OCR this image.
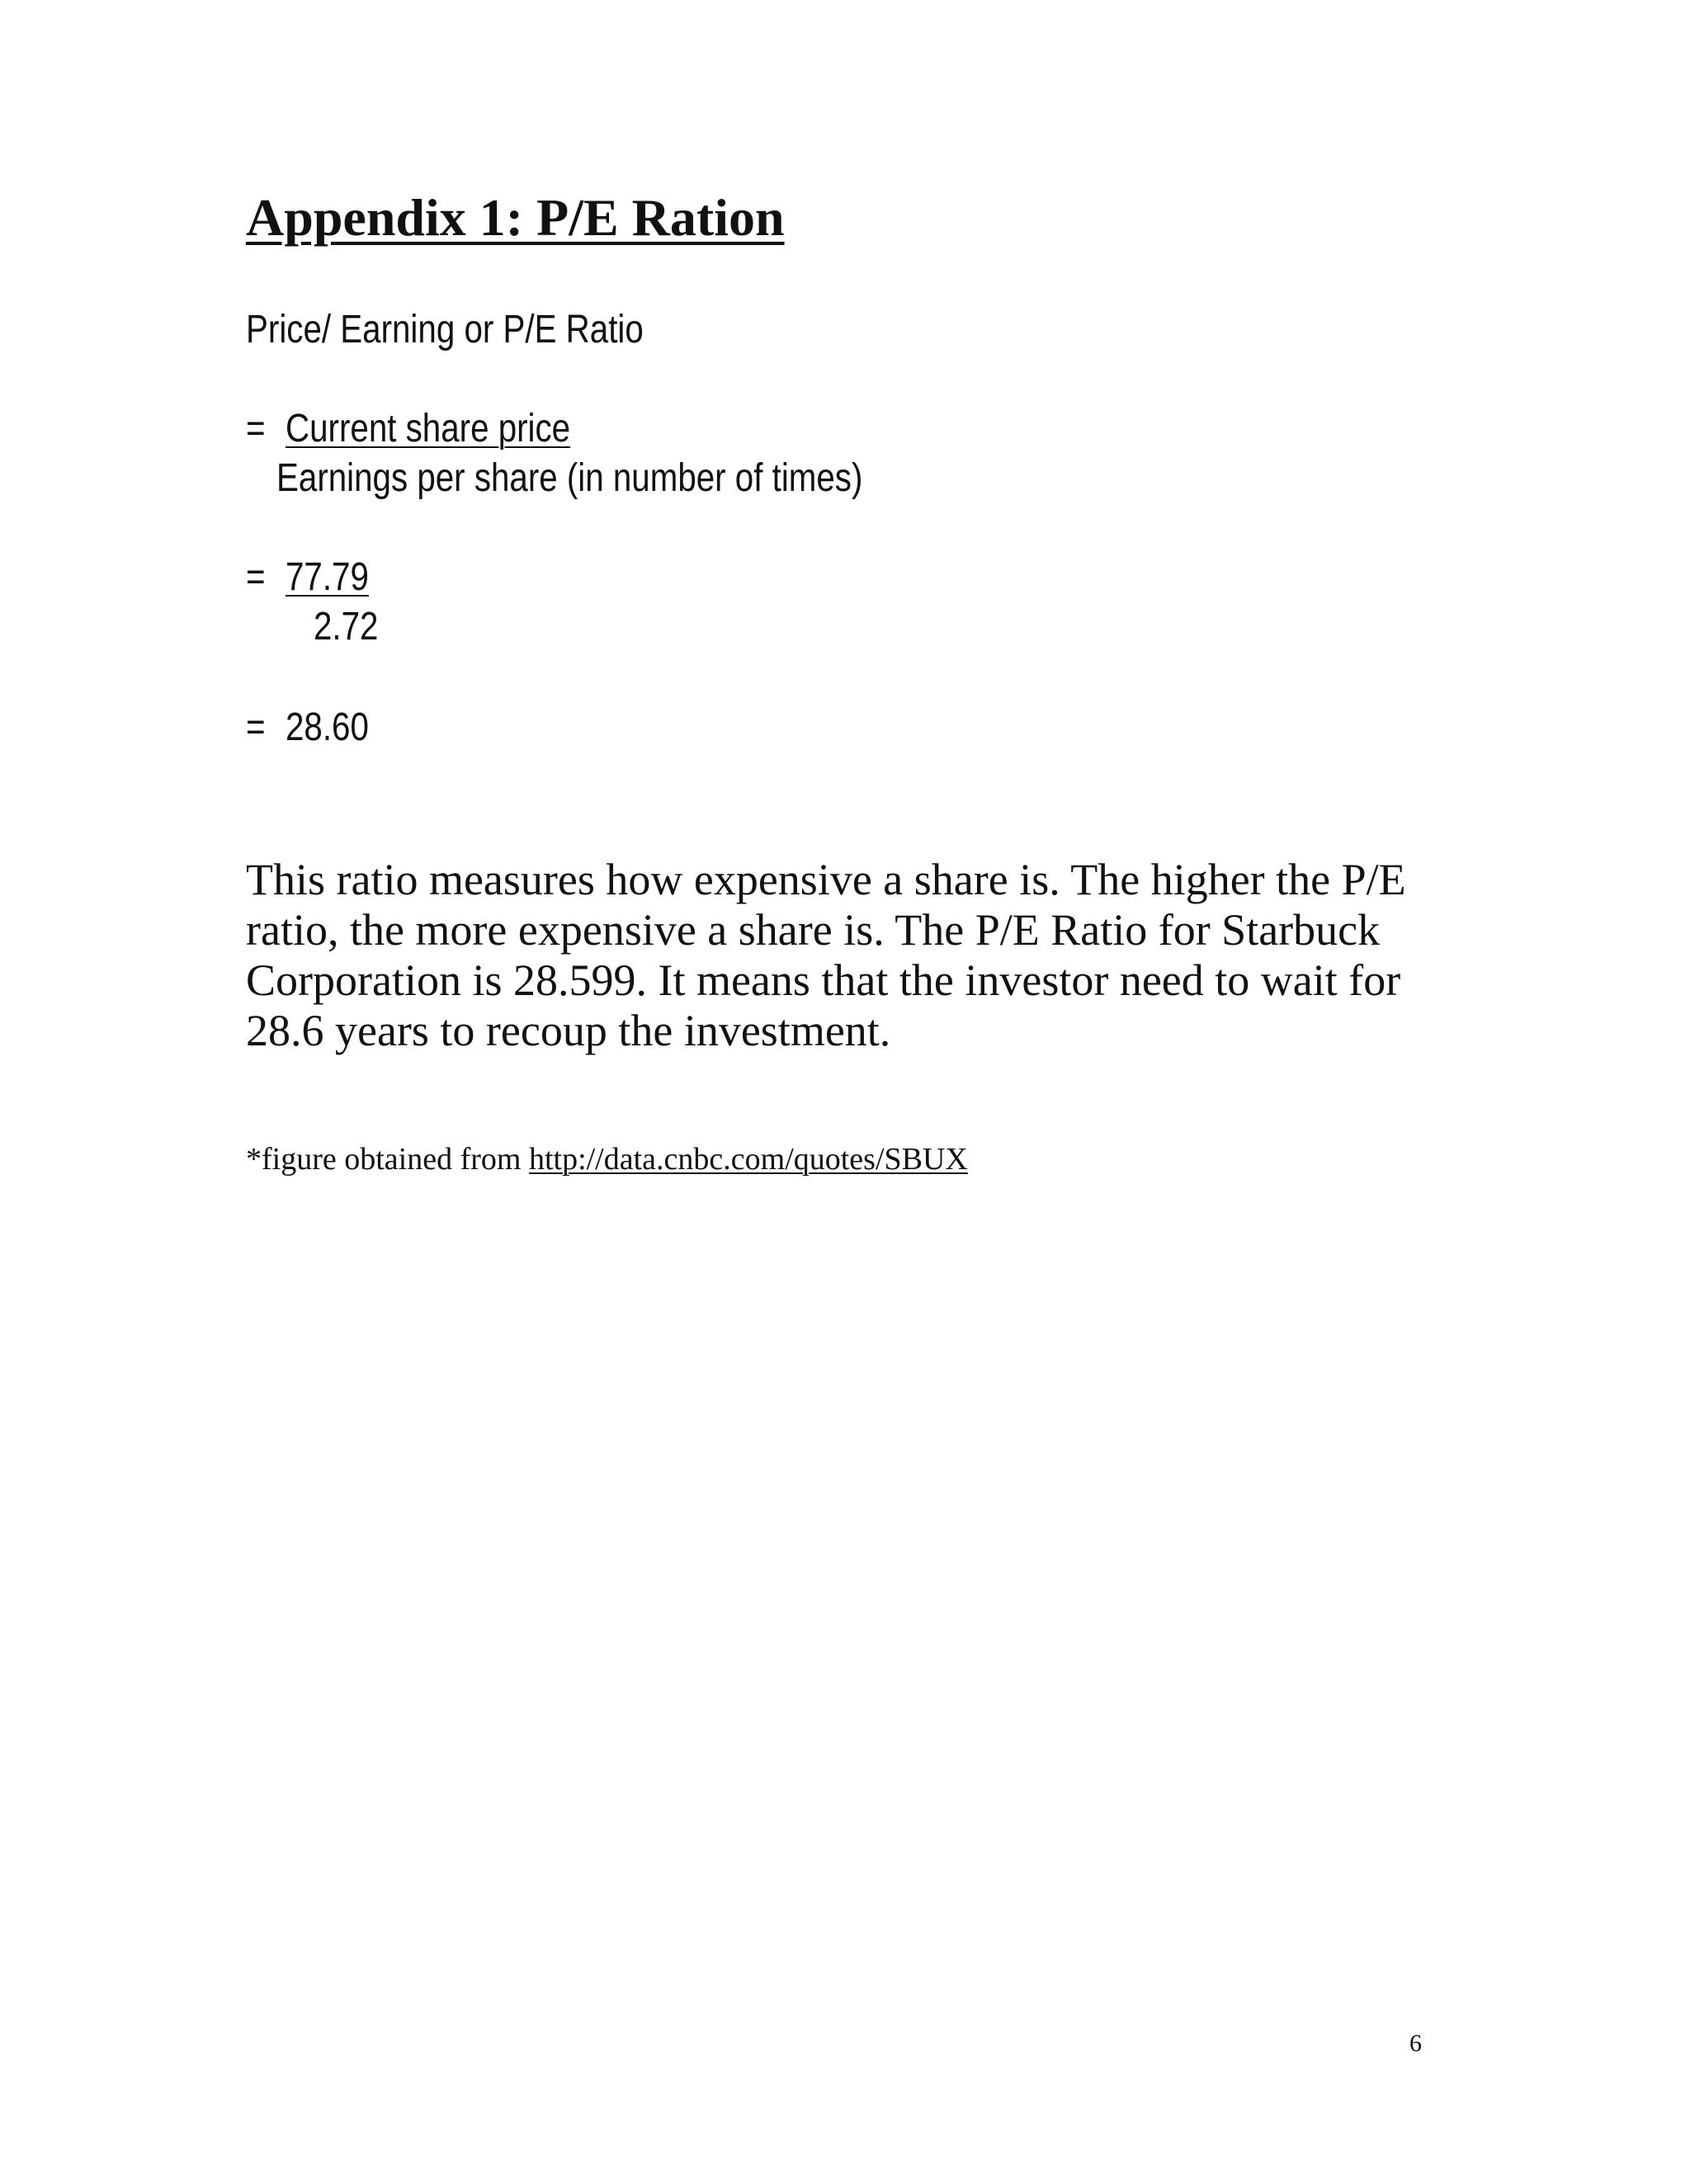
Appendix 1: P/E Ration
Price/ Earning or P/E Ratio
= Current share price
Earnings per share (in number of times)
= 77.79
2.72
= 28.60

This ratio measures how expensive a share is. The higher the P/E
ratio, the more expensive a share is. The P/E Ratio for Starbuck
Corporation is 28.599. It means that the investor need to wait for
28.6 years to recoup the investment.

*figure obtained from http://data.cnbc.com/quotes/SBUX
6
